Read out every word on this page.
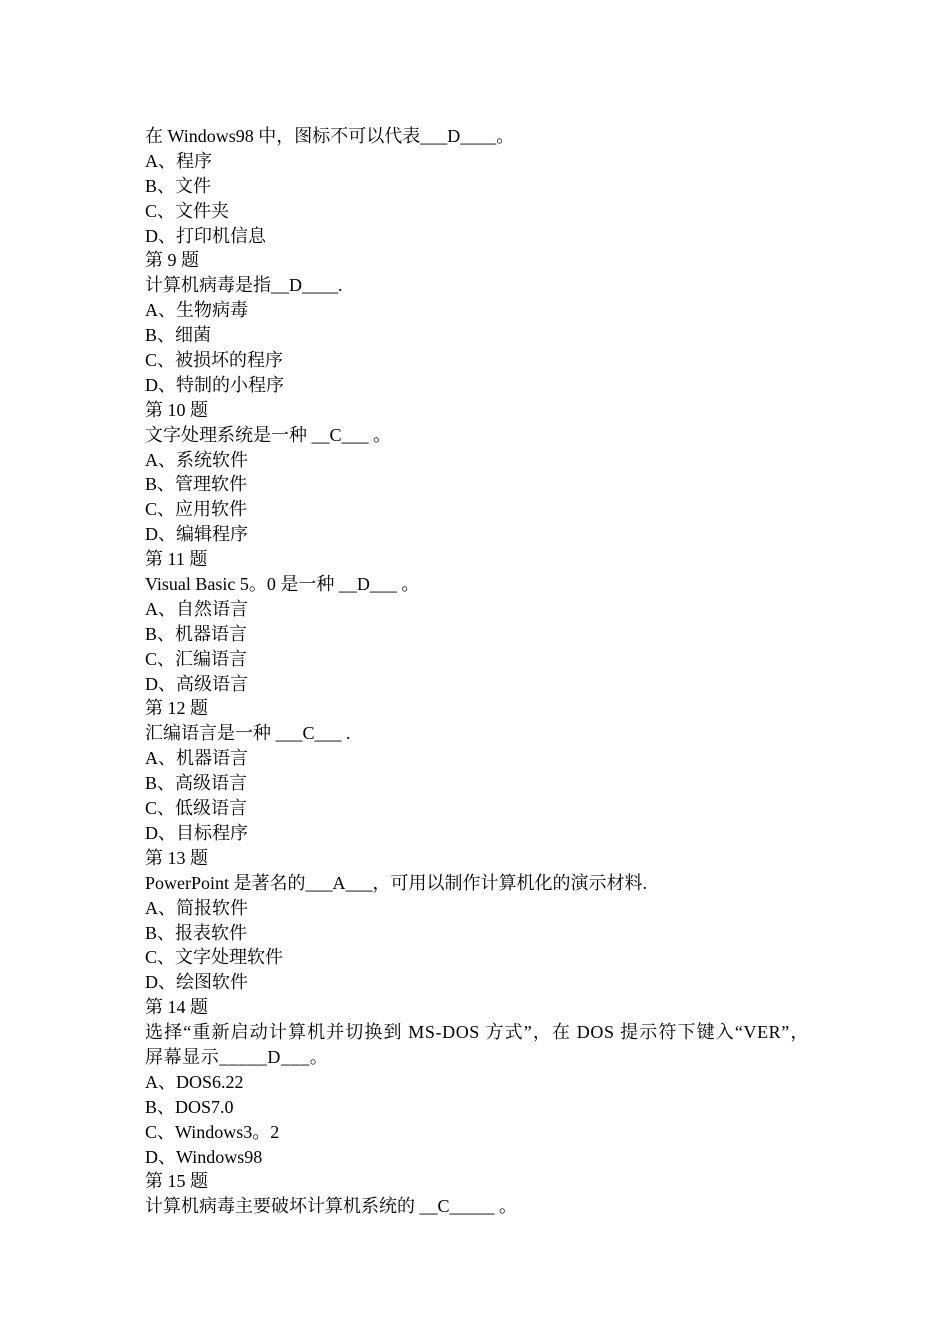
在 Windows98 中，图标不可以代表___D____。
A、程序
B、文件
C、文件夹
D、打印机信息
第 9 题
计算机病毒是指__D____.
A、生物病毒
B、细菌
C、被损坏的程序
D、特制的小程序
第 10 题
文字处理系统是一种 __C___ 。
A、系统软件
B、管理软件
C、应用软件
D、编辑程序
第 11 题
Visual Basic 5。0 是一种 __D___ 。
A、自然语言
B、机器语言
C、汇编语言
D、高级语言
第 12 题
汇编语言是一种 ___C___ .
A、机器语言
B、高级语言
C、低级语言
D、目标程序
第 13 题
PowerPoint 是著名的___A___，可用以制作计算机化的演示材料.
A、简报软件
B、报表软件
C、文字处理软件
D、绘图软件
第 14 题
选择“重新启动计算机并切换到 MS-DOS 方式”，在 DOS 提示符下键入“VER”，屏幕显示_____D___。
A、DOS6.22
B、DOS7.0
C、Windows3。2
D、Windows98
第 15 题
计算机病毒主要破坏计算机系统的 __C_____ 。
